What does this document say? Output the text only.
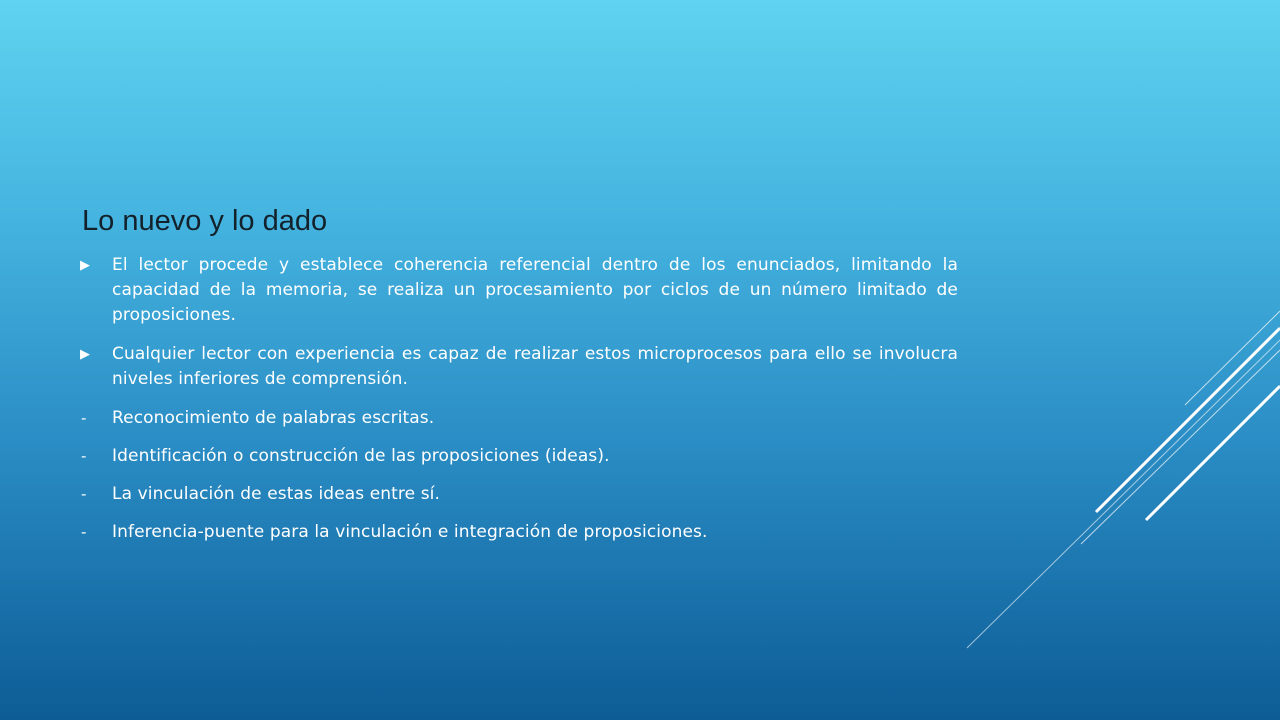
Lo nuevo y lo dado
▶	El lector procede y establece coherencia referencial dentro de los enunciados, limitando la capacidad de la memoria, se realiza un procesamiento por ciclos de un número limitado de proposiciones.
▶	Cualquier lector con experiencia es capaz de realizar estos microprocesos para ello se involucra niveles inferiores de comprensión.
-	Reconocimiento de palabras escritas.
-	Identificación o construcción de las proposiciones (ideas).
-	La vinculación de estas ideas entre sí.
-	Inferencia-puente para la vinculación e integración de proposiciones.
